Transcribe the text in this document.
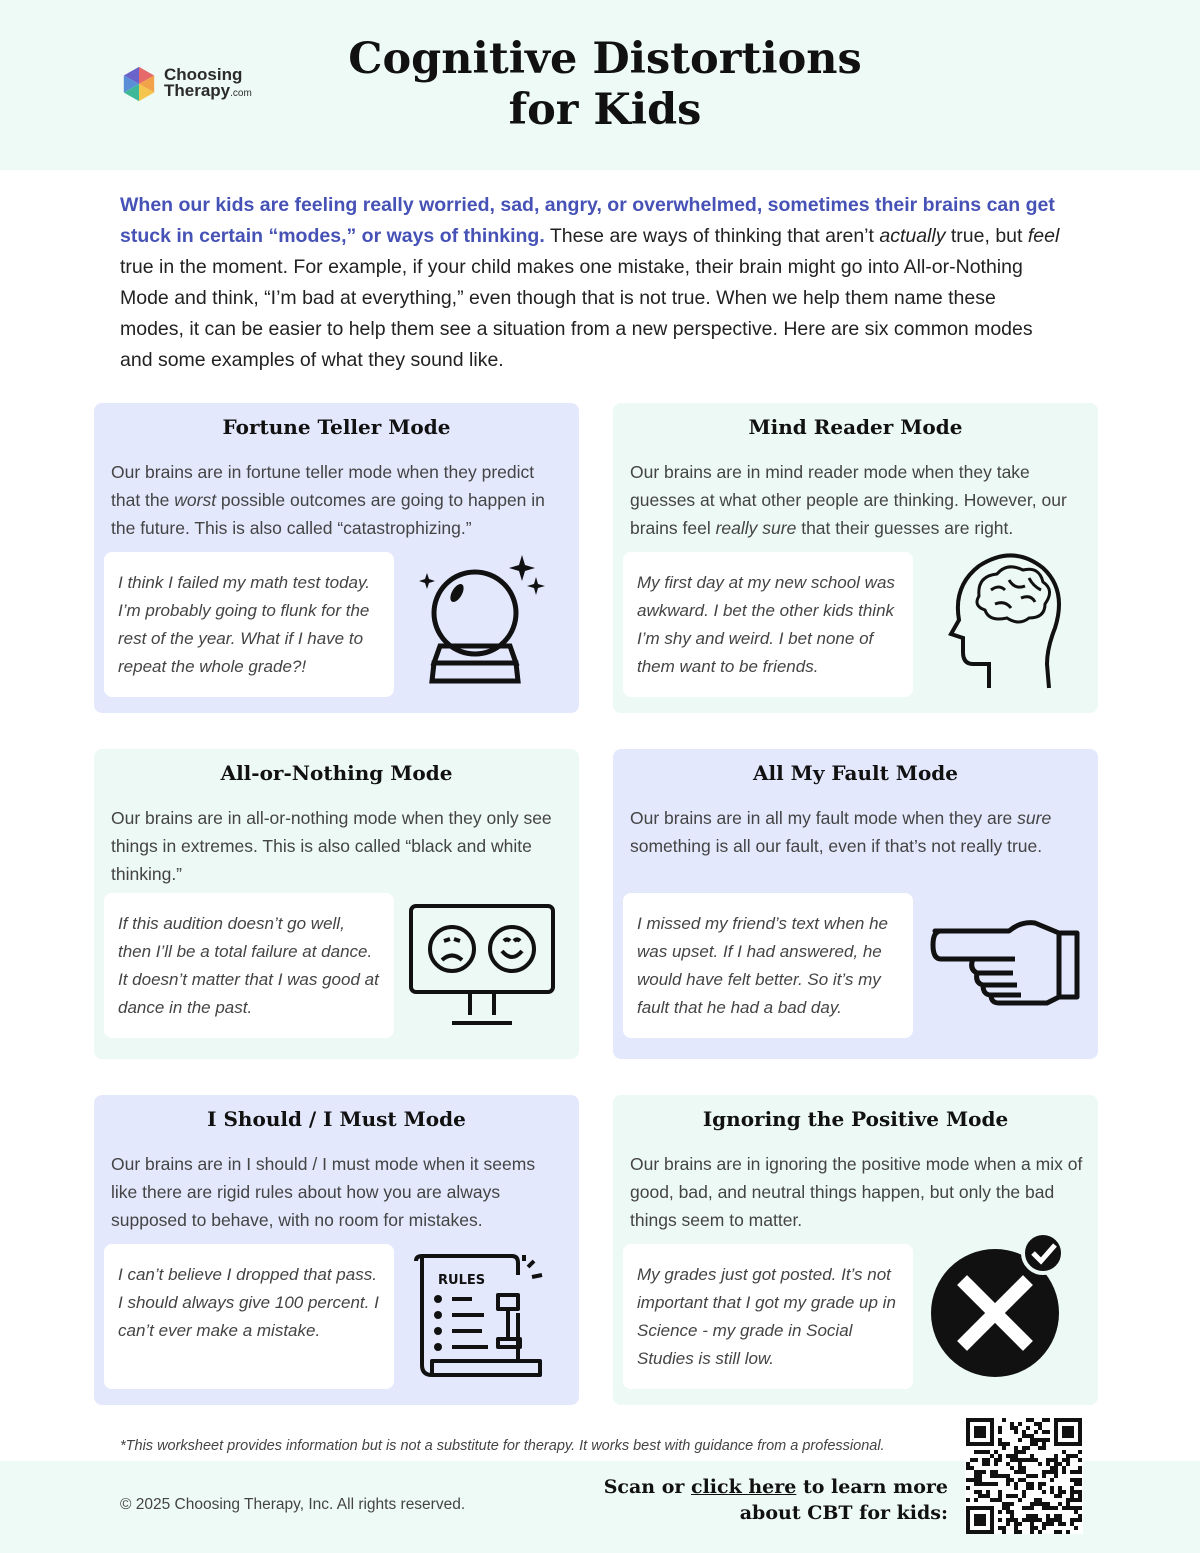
Choosing
Therapy.com
Cognitive Distortions
for Kids
When our kids are feeling really worried, sad, angry, or overwhelmed, sometimes their brains can get stuck in certain “modes,” or ways of thinking. These are ways of thinking that aren’t actually true, but feel true in the moment. For example, if your child makes one mistake, their brain might go into All-or-Nothing Mode and think, “I’m bad at everything,” even though that is not true. When we help them name these modes, it can be easier to help them see a situation from a new perspective. Here are six common modes and some examples of what they sound like.
Fortune Teller Mode
Our brains are in fortune teller mode when they predict that the worst possible outcomes are going to happen in the future. This is also called “catastrophizing.”
I think I failed my math test today. I’m probably going to flunk for the rest of the year. What if I have to repeat the whole grade?!
Mind Reader Mode
Our brains are in mind reader mode when they take guesses at what other people are thinking. However, our brains feel really sure that their guesses are right.
My first day at my new school was awkward. I bet the other kids think I’m shy and weird. I bet none of them want to be friends.
All-or-Nothing Mode
Our brains are in all-or-nothing mode when they only see things in extremes. This is also called “black and white thinking.”
If this audition doesn’t go well, then I’ll be a total failure at dance. It doesn’t matter that I was good at dance in the past.
All My Fault Mode
Our brains are in all my fault mode when they are sure something is all our fault, even if that’s not really true.
I missed my friend’s text when he was upset. If I had answered, he would have felt better. So it’s my fault that he had a bad day.
I Should / I Must Mode
Our brains are in I should / I must mode when it seems like there are rigid rules about how you are always supposed to behave, with no room for mistakes.
I can’t believe I dropped that pass. I should always give 100 percent. I can’t ever make a mistake.
RULES
Ignoring the Positive Mode
Our brains are in ignoring the positive mode when a mix of good, bad, and neutral things happen, but only the bad things seem to matter.
My grades just got posted. It’s not important that I got my grade up in Science - my grade in Social Studies is still low.
*This worksheet provides information but is not a substitute for therapy. It works best with guidance from a professional.
© 2025 Choosing Therapy, Inc. All rights reserved.
Scan or click here to learn more
about CBT for kids:
